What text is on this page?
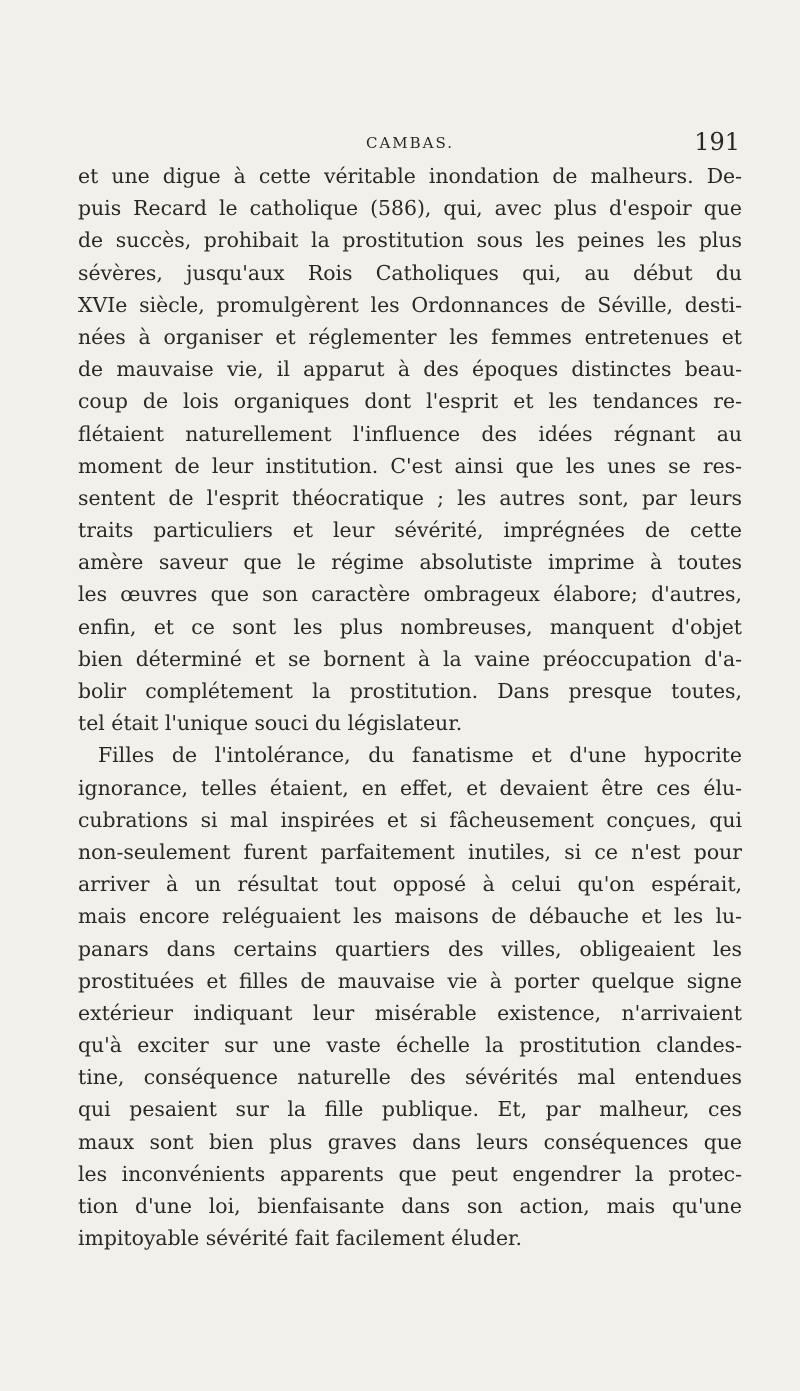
CAMBAS.	191
et une digue à cette véritable inondation de malheurs. De-
puis Recard le catholique (586), qui, avec plus d'espoir que
de succès, prohibait la prostitution sous les peines les plus
sévères, jusqu'aux Rois Catholiques qui, au début du
XVIe siècle, promulgèrent les Ordonnances de Séville, desti-
nées à organiser et réglementer les femmes entretenues et
de mauvaise vie, il apparut à des époques distinctes beau-
coup de lois organiques dont l'esprit et les tendances re-
flétaient naturellement l'influence des idées régnant au
moment de leur institution. C'est ainsi que les unes se res-
sentent de l'esprit théocratique ; les autres sont, par leurs
traits particuliers et leur sévérité, imprégnées de cette
amère saveur que le régime absolutiste imprime à toutes
les œuvres que son caractère ombrageux élabore; d'autres,
enfin, et ce sont les plus nombreuses, manquent d'objet
bien déterminé et se bornent à la vaine préoccupation d'a-
bolir complétement la prostitution. Dans presque toutes,
tel était l'unique souci du législateur.
Filles de l'intolérance, du fanatisme et d'une hypocrite
ignorance, telles étaient, en effet, et devaient être ces élu-
cubrations si mal inspirées et si fâcheusement conçues, qui
non-seulement furent parfaitement inutiles, si ce n'est pour
arriver à un résultat tout opposé à celui qu'on espérait,
mais encore reléguaient les maisons de débauche et les lu-
panars dans certains quartiers des villes, obligeaient les
prostituées et filles de mauvaise vie à porter quelque signe
extérieur indiquant leur misérable existence, n'arrivaient
qu'à exciter sur une vaste échelle la prostitution clandes-
tine, conséquence naturelle des sévérités mal entendues
qui pesaient sur la fille publique. Et, par malheur, ces
maux sont bien plus graves dans leurs conséquences que
les inconvénients apparents que peut engendrer la protec-
tion d'une loi, bienfaisante dans son action, mais qu'une
impitoyable sévérité fait facilement éluder.
